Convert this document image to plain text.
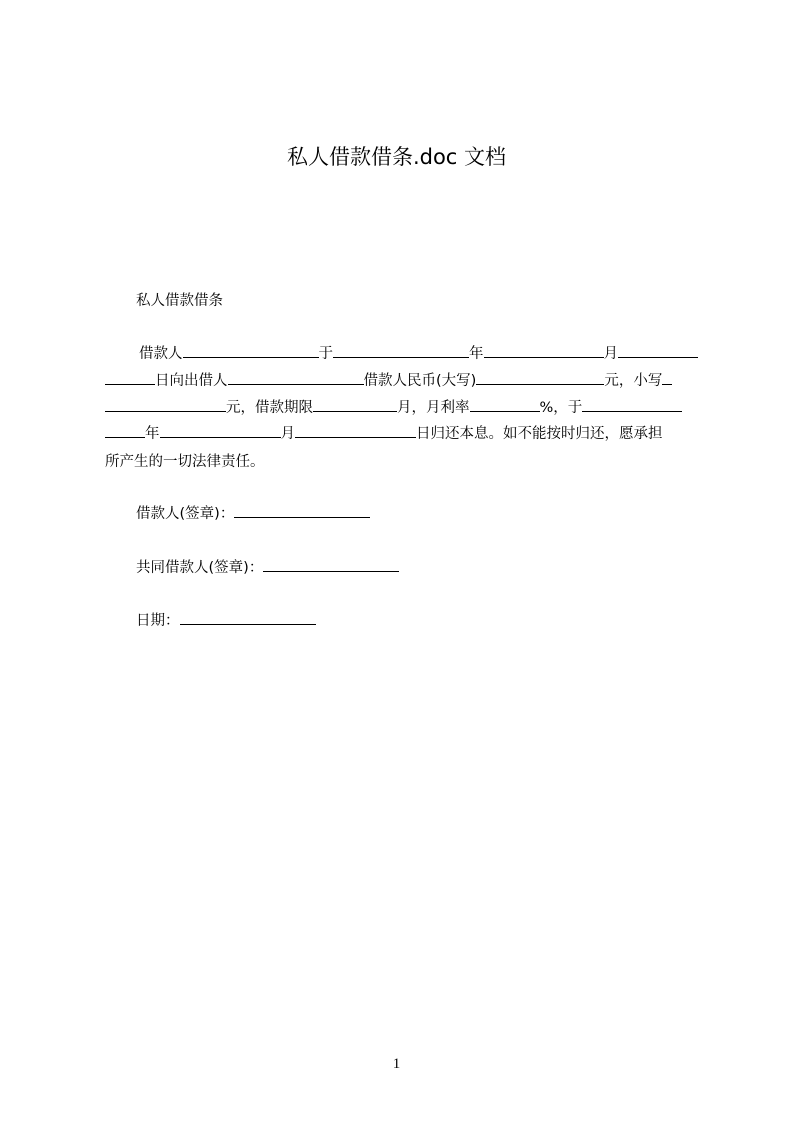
私人借款借条.doc 文档
私人借款借条
借款人	于	年	月
日向出借人	借款人民币(大写)	元，小写
元，借款期限	月，月利率	%，于
年	月	日归还本息。如不能按时归还，愿承担
所产生的一切法律责任。
借款人(签章)：
共同借款人(签章)：
日期：
1
